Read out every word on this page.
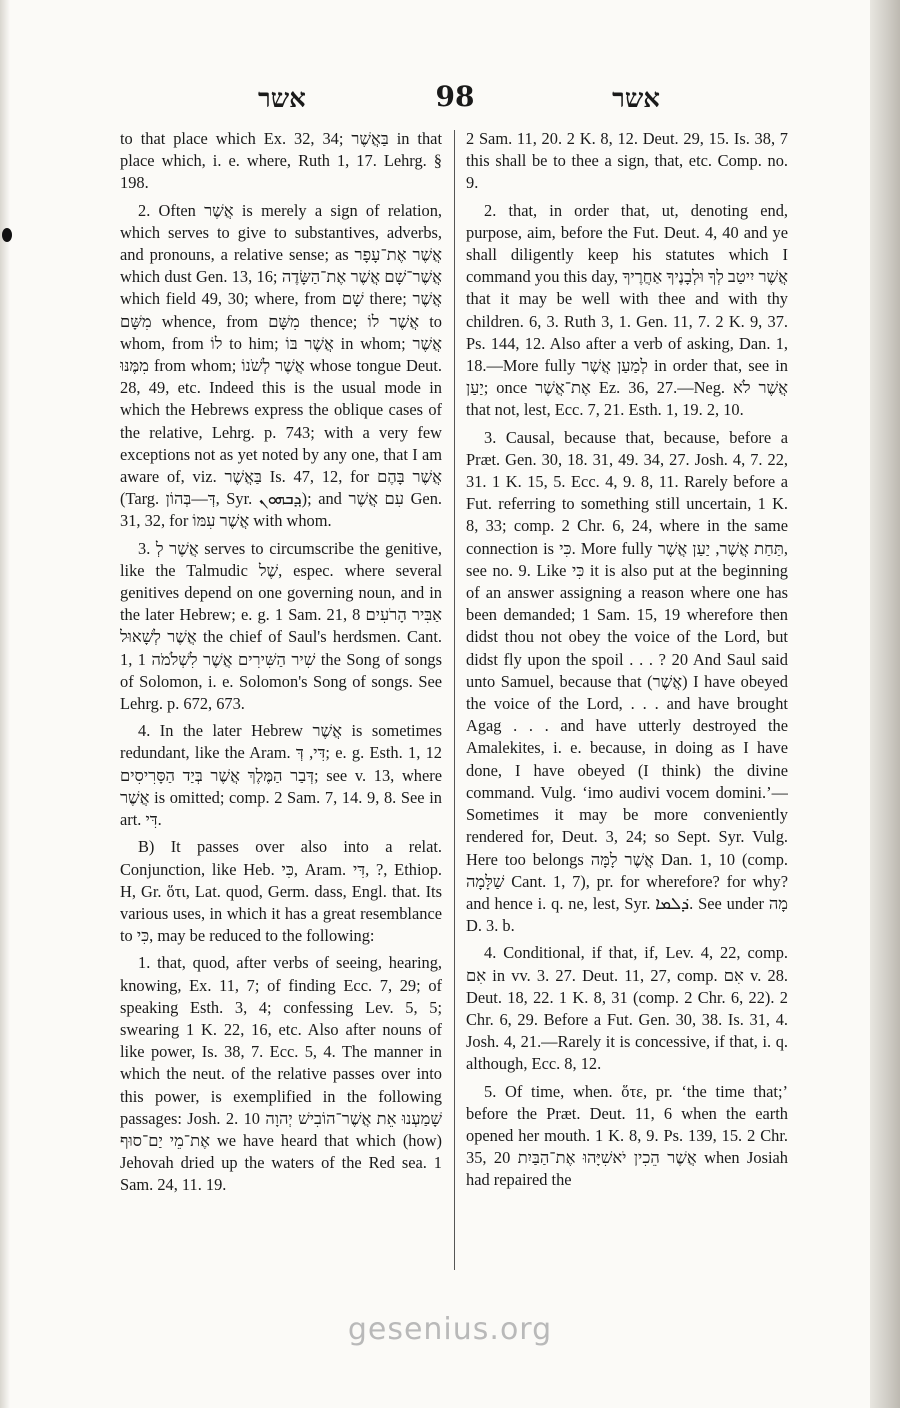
אשר	98	אשר

to that place which Ex. 32, 34; בַּאֲשֶׁר in that place which, i. e. where, Ruth 1, 17. Lehrg. § 198.

2. Often אֲשֶׁר is merely a sign of relation, which serves to give to substantives, adverbs, and pronouns, a relative sense; as אֲשֶׁר אֶת־עָפָר which dust Gen. 13, 16; אֲשֶׁר־שָׁם אֲשֶׁר אֶת־הַשָּׂדֶה which field 49, 30; where, from שָׁם there; אֲשֶׁר מִשָּׁם whence, from מִשָּׁם thence; אֲשֶׁר לוֹ to whom, from לוֹ to him; אֲשֶׁר בּוֹ in whom; אֲשֶׁר מִמֶּנּוּ from whom; אֲשֶׁר לְשֹׁנוֹ whose tongue Deut. 28, 49, etc. Indeed this is the usual mode in which the Hebrews express the oblique cases of the relative, Lehrg. p. 743; with a very few exceptions not as yet noted by any one, that I am aware of, viz. בַּאֲשֶׁר Is. 47, 12, for אֲשֶׁר בָּהֶם (Targ. דְּ—בְּהוֹן, Syr. ܕ݂ܒܗܘܢ); and עִם אֲשֶׁר Gen. 31, 32, for אֲשֶׁר עִמּוֹ with whom.

3. אֲשֶׁר לְ serves to circumscribe the genitive, like the Talmudic שֶׁל, espec. where several genitives depend on one governing noun, and in the later Hebrew; e. g. 1 Sam. 21, 8 אַבִּיר הָרֹעִים אֲשֶׁר לְשָׁאוּל the chief of Saul's herdsmen. Cant. 1, 1 שִׁיר הַשִּׁירִים אֲשֶׁר לִשְׁלֹמֹה the Song of songs of Solomon, i. e. Solomon's Song of songs. See Lehrg. p. 672, 673.

4. In the later Hebrew אֲשֶׁר is sometimes redundant, like the Aram. דִּי, דְּ; e. g. Esth. 1, 12 דְּבַר הַמֶּלֶךְ אֲשֶׁר בְּיַד הַסָּרִיסִים; see v. 13, where אֲשֶׁר is omitted; comp. 2 Sam. 7, 14. 9, 8. See in art. דִּי.

B) It passes over also into a relat. Conjunction, like Heb. כִּי, Aram. דִּי, ?, Ethiop. H, Gr. ὅτι, Lat. quod, Germ. dass, Engl. that. Its various uses, in which it has a great resemblance to כִּי, may be reduced to the following:

1. that, quod, after verbs of seeing, hearing, knowing, Ex. 11, 7; of finding Ecc. 7, 29; of speaking Esth. 3, 4; confessing Lev. 5, 5; swearing 1 K. 22, 16, etc. Also after nouns of like power, Is. 38, 7. Ecc. 5, 4. The manner in which the neut. of the relative passes over into this power, is exemplified in the following passages: Josh. 2. 10 שָׁמַעְנוּ אֵת אֲשֶׁר־הוֹבִישׁ יְהוָה אֶת־מֵי יַם־סוּף we have heard that which (how) Jehovah dried up the waters of the Red sea. 1 Sam. 24, 11. 19.

2 Sam. 11, 20. 2 K. 8, 12. Deut. 29, 15. Is. 38, 7 this shall be to thee a sign, that, etc. Comp. no. 9.

2. that, in order that, ut, denoting end, purpose, aim, before the Fut. Deut. 4, 40 and ye shall diligently keep his statutes which I command you this day, אֲשֶׁר יִיטַב לְךָ וּלְבָנֶיךָ אַחֲרֶיךָ that it may be well with thee and with thy children. 6, 3. Ruth 3, 1. Gen. 11, 7. 2 K. 9, 37. Ps. 144, 12. Also after a verb of asking, Dan. 1, 18.—More fully לְמַעַן אֲשֶׁר in order that, see in יַעַן; once אֶת־אֲשֶׁר Ez. 36, 27.—Neg. אֲשֶׁר לֹא that not, lest, Ecc. 7, 21. Esth. 1, 19. 2, 10.

3. Causal, because that, because, before a Præt. Gen. 30, 18. 31, 49. 34, 27. Josh. 4, 7. 22, 31. 1 K. 15, 5. Ecc. 4, 9. 8, 11. Rarely before a Fut. referring to something still uncertain, 1 K. 8, 33; comp. 2 Chr. 6, 24, where in the same connection is כִּי. More fully תַּחַת אֲשֶׁר, יַעַן אֲשֶׁר, see no. 9. Like כִּי it is also put at the beginning of an answer assigning a reason where one has been demanded; 1 Sam. 15, 19 wherefore then didst thou not obey the voice of the Lord, but didst fly upon the spoil . . . ? 20 And Saul said unto Samuel, because that (אֲשֶׁר) I have obeyed the voice of the Lord, . . . and have brought Agag . . . and have utterly destroyed the Amalekites, i. e. because, in doing as I have done, I have obeyed (I think) the divine command. Vulg. ‘imo audivi vocem domini.’—Sometimes it may be more conveniently rendered for, Deut. 3, 24; so Sept. Syr. Vulg. Here too belongs אֲשֶׁר לָמָּה Dan. 1, 10 (comp. שַׁלָּמָה Cant. 1, 7), pr. for wherefore? for why? and hence i. q. ne, lest, Syr. ܕ݁ܠܡܐ. See under מָה D. 3. b.

4. Conditional, if that, if, Lev. 4, 22, comp. אִם in vv. 3. 27. Deut. 11, 27, comp. אִם v. 28. Deut. 18, 22. 1 K. 8, 31 (comp. 2 Chr. 6, 22). 2 Chr. 6, 29. Before a Fut. Gen. 30, 38. Is. 31, 4. Josh. 4, 21.—Rarely it is concessive, if that, i. q. although, Ecc. 8, 12.

5. Of time, when. ὅτε, pr. ‘the time that;’ before the Præt. Deut. 11, 6 when the earth opened her mouth. 1 K. 8, 9. Ps. 139, 15. 2 Chr. 35, 20 אֲשֶׁר הֵכִין יֹאשִׁיָּהוּ אֶת־הַבַּיִת when Josiah had repaired the

gesenius.org
